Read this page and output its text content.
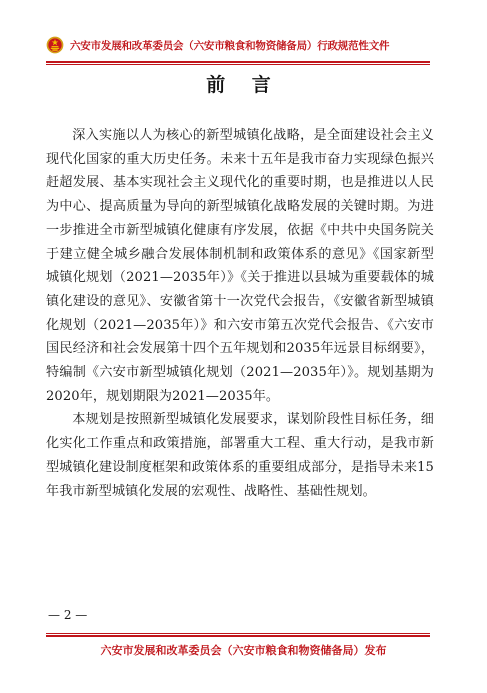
六安市发展和改革委员会（六安市粮食和物资储备局）行政规范性文件
前 言

深入实施以人为核心的新型城镇化战略，是全面建设社会主义现代化国家的重大历史任务。未来十五年是我市奋力实现绿色振兴赶超发展、基本实现社会主义现代化的重要时期，也是推进以人民为中心、提高质量为导向的新型城镇化战略发展的关键时期。为进一步推进全市新型城镇化健康有序发展，依据《中共中央国务院关于建立健全城乡融合发展体制机制和政策体系的意见》《国家新型城镇化规划（2021—2035年）》《关于推进以县城为重要载体的城镇化建设的意见》、安徽省第十一次党代会报告，《安徽省新型城镇化规划（2021—2035年）》和六安市第五次党代会报告、《六安市国民经济和社会发展第十四个五年规划和2035年远景目标纲要》，特编制《六安市新型城镇化规划（2021—2035年）》。规划基期为2020年，规划期限为2021—2035年。

本规划是按照新型城镇化发展要求，谋划阶段性目标任务，细化实化工作重点和政策措施，部署重大工程、重大行动，是我市新型城镇化建设制度框架和政策体系的重要组成部分，是指导未来15年我市新型城镇化发展的宏观性、战略性、基础性规划。

— 2 —
六安市发展和改革委员会（六安市粮食和物资储备局）发布
